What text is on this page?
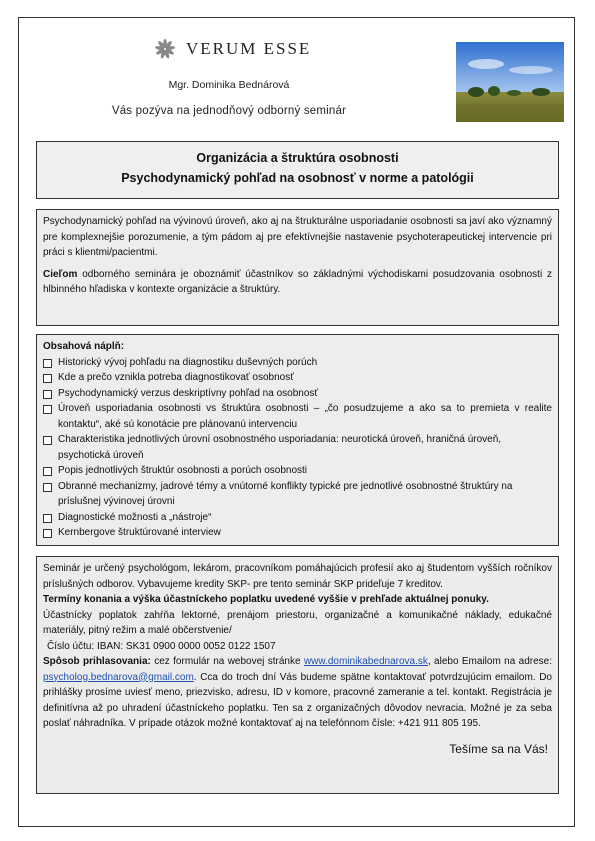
VERUM ESSE
Mgr. Dominika Bednárová
Vás pozýva na jednodňový odborný seminár
Organizácia a štruktúra osobnosti
Psychodynamický pohľad na osobnosť v norme a patológii

Psychodynamický pohľad na vývinovú úroveň, ako aj na štrukturálne usporiadanie osobnosti sa javí ako významný pre komplexnejšie porozumenie, a tým pádom aj pre efektívnejšie nastavenie psychoterapeutickej intervencie pri práci s klientmi/pacientmi.

Cieľom odborného seminára je oboznámiť účastníkov so základnými východiskami posudzovania osobnosti z hlbinného hľadiska v kontexte organizácie a štruktúry.

Obsahová náplň:
Historický vývoj pohľadu na diagnostiku duševných porúch
Kde a prečo vznikla potreba diagnostikovať osobnosť
Psychodynamický verzus deskriptívny pohľad na osobnosť
Úroveň usporiadania osobnosti vs štruktúra osobnosti – „čo posudzujeme a ako sa to premieta v realite kontaktu“, aké sú konotácie pre plánovanú intervenciu
Charakteristika jednotlivých úrovní osobnostného usporiadania: neurotická úroveň, hraničná úroveň, psychotická úroveň
Popis jednotlivých štruktúr osobnosti a porúch osobnosti
Obranné mechanizmy, jadrové témy a vnútorné konflikty typické pre jednotlivé osobnostné štruktúry na príslušnej vývinovej úrovni
Diagnostické možnosti a „nástroje“
Kernbergove štruktúrované interview

Seminár je určený psychológom, lekárom, pracovníkom pomáhajúcich profesií ako aj študentom vyšších ročníkov príslušných odborov. Vybavujeme kredity SKP- pre tento seminár SKP prideľuje 7 kreditov.

Termíny konania a výška účastníckeho poplatku uvedené vyššie v prehľade aktuálnej ponuky.

Účastnícky poplatok zahŕňa lektorné, prenájom priestoru, organizačné a komunikačné náklady, edukačné materiály, pitný režim a malé občerstvenie/

Číslo účtu: IBAN: SK31 0900 0000 0052 0122 1507

Spôsob prihlasovania: cez formulár na webovej stránke www.dominikabednarova.sk, alebo Emailom na adrese: psycholog.bednarova@gmail.com. Cca do troch dní Vás budeme spätne kontaktovať potvrdzujúcim emailom. Do prihlášky prosíme uviesť meno, priezvisko, adresu, ID v komore, pracovné zameranie a tel. kontakt. Registrácia je definitívna až po uhradení účastníckeho poplatku. Ten sa z organizačných dôvodov nevracia. Možné je za seba poslať náhradníka. V prípade otázok možné kontaktovať aj na telefónnom čísle: +421 911 805 195.

Tešíme sa na Vás!
